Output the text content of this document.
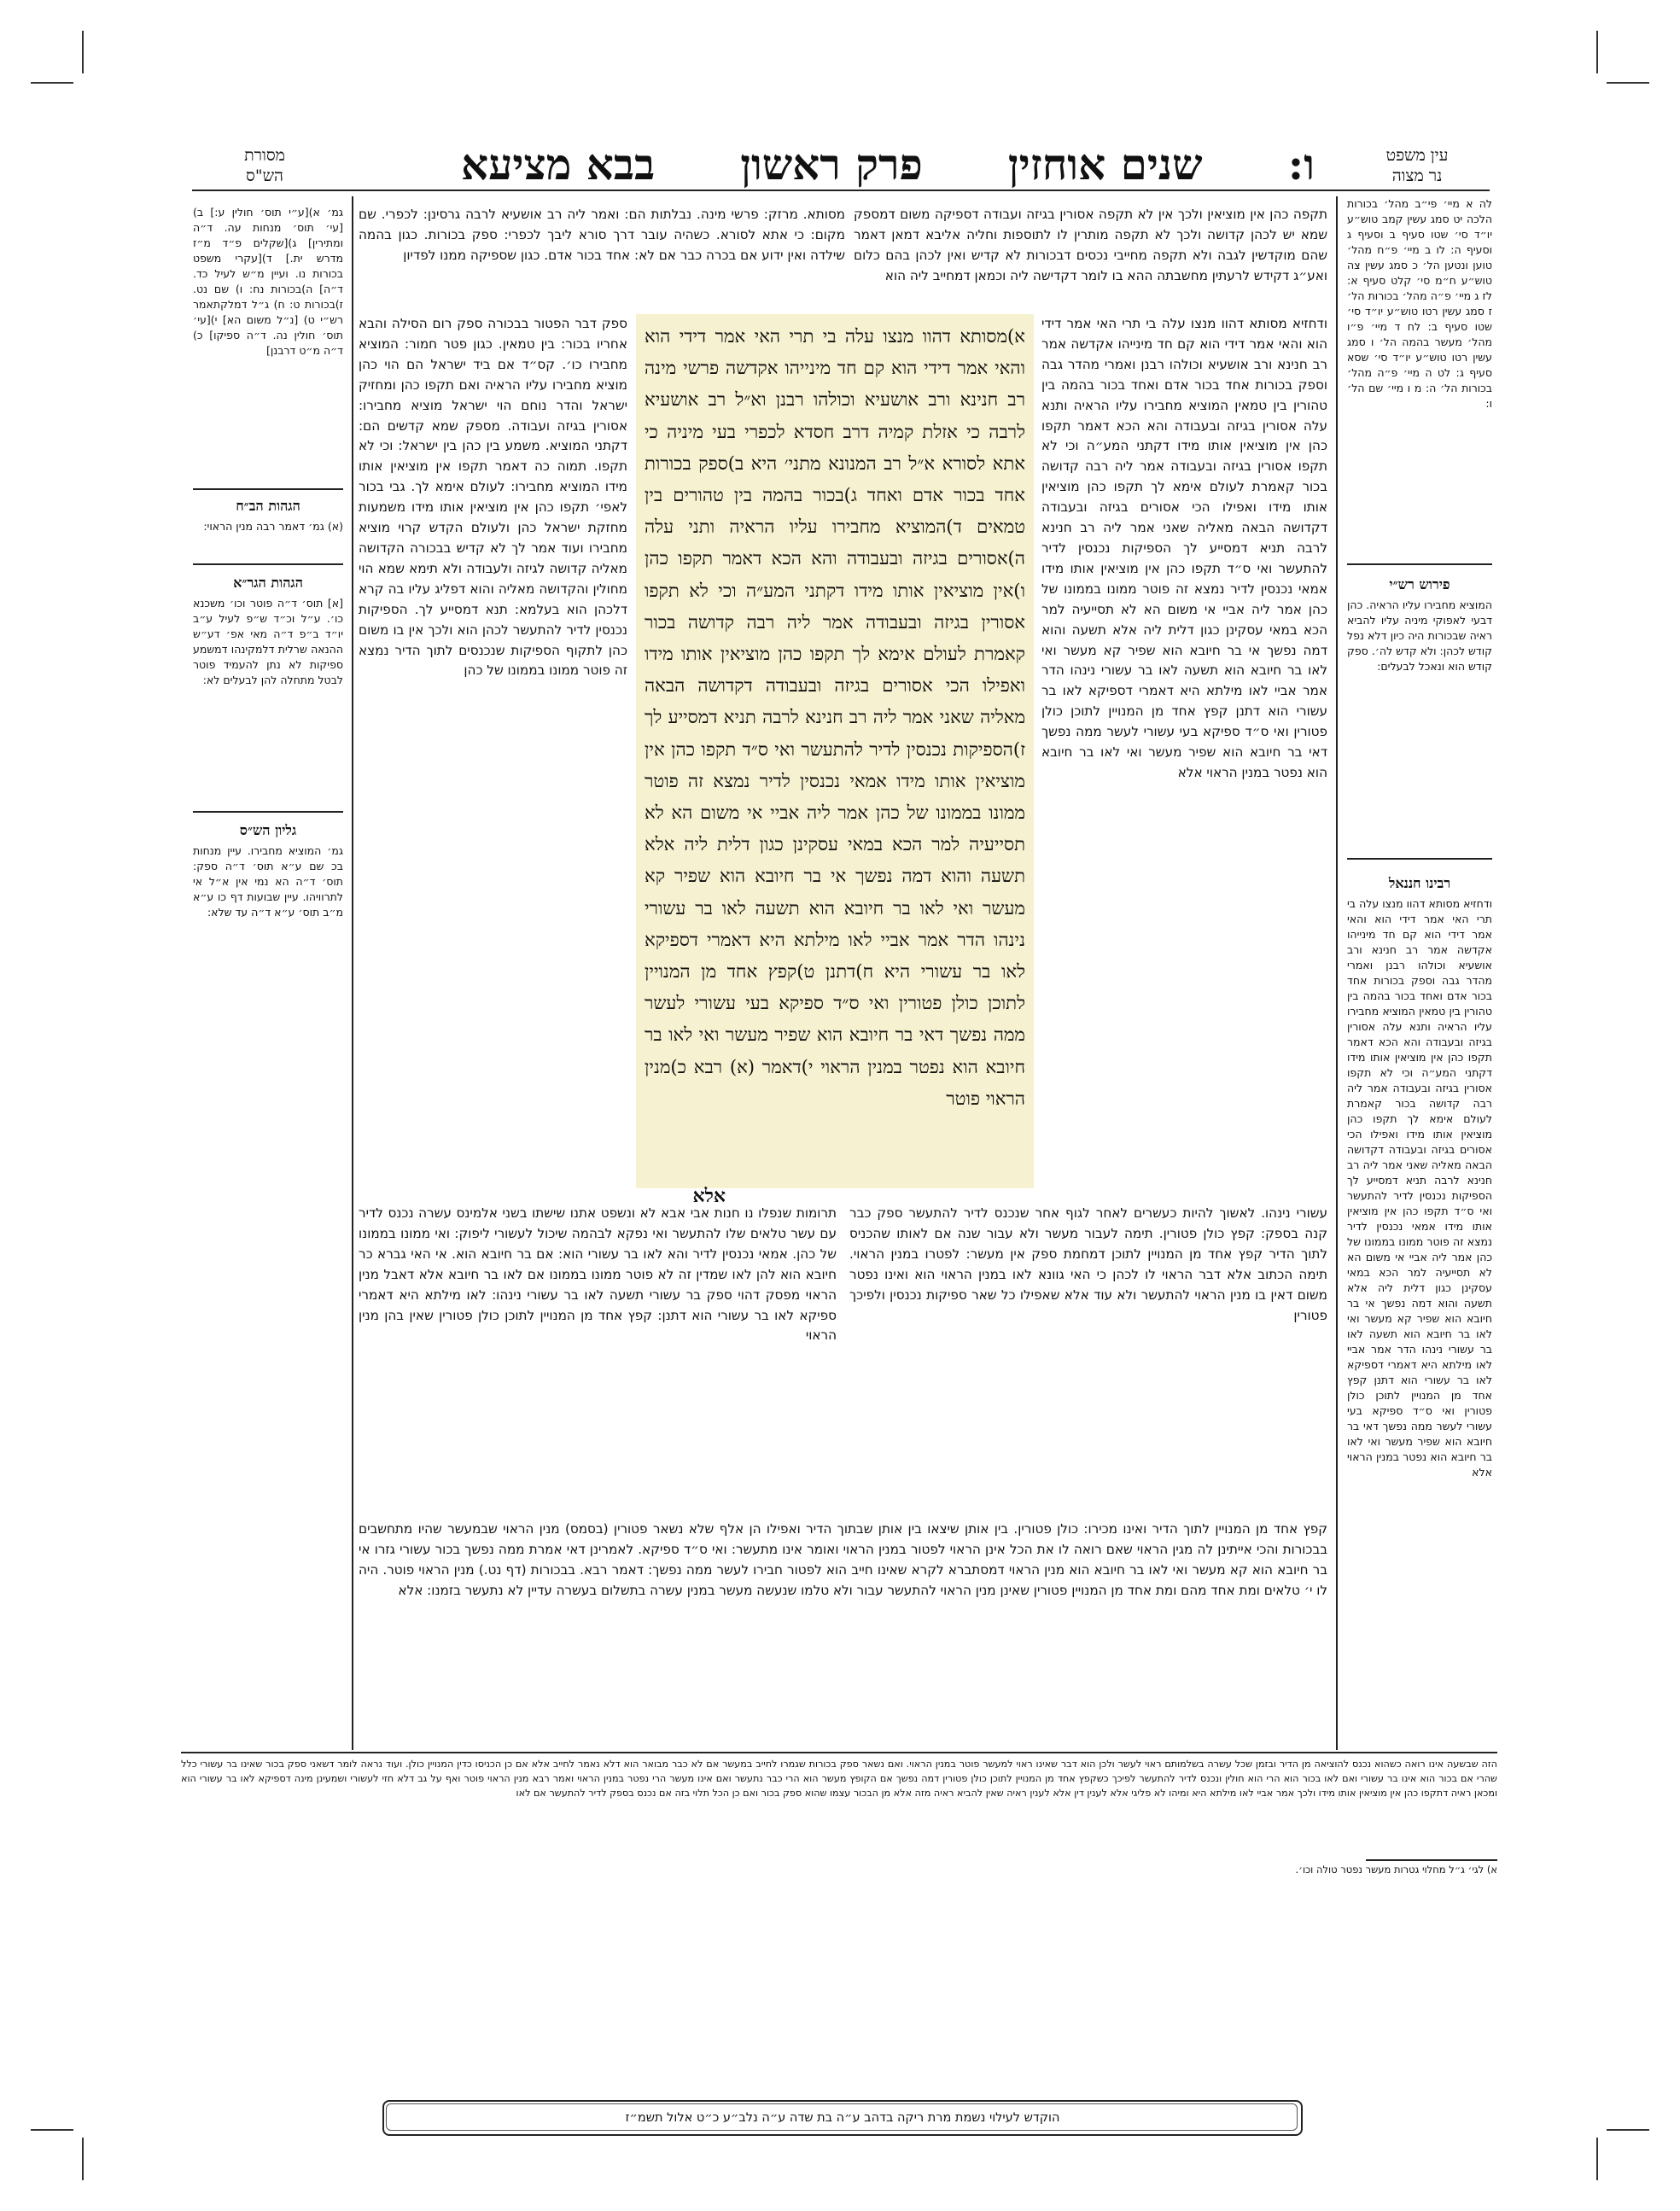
ו:
שנים אוחזין
פרק ראשון
בבא מציעא	עין משפט
נר מצוה
מסורת
הש"ס

לה א מיי׳ פי״ב מהל׳ בכורות הלכה יט סמג עשין קמב טוש״ע יו״ד סי׳ שטו סעיף ב וסעיף ג וסעיף ה: לו ב מיי׳ פ״ח מהל׳ טוען ונטען הל׳ כ סמג עשין צה טוש״ע ח״מ סי׳ קלט סעיף א: לז ג מיי׳ פ״ה מהל׳ בכורות הל׳ ז סמג עשין רטו טוש״ע יו״ד סי׳ שטו סעיף ב: לח ד מיי׳ פ״ו מהל׳ מעשר בהמה הל׳ ו סמג עשין רטו טוש״ע יו״ד סי׳ שסא סעיף ג: לט ה מיי׳ פ״ה מהל׳ בכורות הל׳ ה: מ ו מיי׳ שם הל׳ ו:

פירוש רש״י

המוציא מחבירו עליו הראיה. כהן דבעי לאפוקי מיניה עליו להביא ראיה שבכורות היה כיון דלא נפל קודש לכהן: ולא קדש לה׳. ספק קודש הוא ונאכל לבעלים:

רבינו חננאל

ודחזיא מסותא דהוו מנצו עלה בי תרי האי אמר דידי הוא והאי אמר דידי הוא קם חד מינייהו אקדשה אמר רב חנינא ורב אושעיא וכולהו רבנן ואמרי מהדר גבה וספק בכורות אחד בכור אדם ואחד בכור בהמה בין טהורין בין טמאין המוציא מחבירו עליו הראיה ותנא עלה אסורין בגיזה ובעבודה והא הכא דאמר תקפו כהן אין מוציאין אותו מידו דקתני המע״ה וכי לא תקפו אסורין בגיזה ובעבודה אמר ליה רבה קדושה בכור קאמרת לעולם אימא לך תקפו כהן מוציאין אותו מידו ואפילו הכי אסורים בגיזה ובעבודה דקדושה הבאה מאליה שאני אמר ליה רב חנינא לרבה תניא דמסייע לך הספיקות נכנסין לדיר להתעשר ואי ס״ד תקפו כהן אין מוציאין אותו מידו אמאי נכנסין לדיר נמצא זה פוטר ממונו בממונו של כהן אמר ליה אביי אי משום הא לא תסייעיה למר הכא במאי עסקינן כגון דלית ליה אלא תשעה והוא דמה נפשך אי בר חיובא הוא שפיר קא מעשר ואי לאו בר חיובא הוא תשעה לאו בר עשורי נינהו הדר אמר אביי לאו מילתא היא דאמרי דספיקא לאו בר עשורי הוא דתנן קפץ אחד מן המנויין לתוכן כולן פטורין ואי ס״ד ספיקא בעי עשורי לעשר ממה נפשך דאי בר חיובא הוא שפיר מעשר ואי לאו בר חיובא הוא נפטר במנין הראוי אלא

גמ׳ א)[ע״י תוס׳ חולין ע:] ב) [עי׳ תוס׳ מנחות עה. ד״ה ומתירין] ג)[שקלים פ״ד מ״ז מדרש ית.] ד)[עקרי משפט בכורות נו. ועיין מ״ש לעיל כד. ד״ה] ה)בכורות נח: ו) שם נט. ז)בכורות ט: ח) ג״ל דמלקתאמר רש״י ט) [נ״ל משום הא] י)[עי׳ תוס׳ חולין נה. ד״ה ספיקו] כ) ד״ה מ״ט דרבנן]

הגהות הב״ח

(א) גמ׳ דאמר רבה מנין הראוי:

הגהות הגר״א

[א] תוס׳ ד״ה פוטר וכו׳ משכנא כו׳. ע״ל וכ״ד ש״פ לעיל ע״ב יו״ד ב״פ ד״ה מאי אפ׳ דע״ש ההנאה שרלית דלמקינהו דמשמע ספיקות לא נתן להעמיד פוטר לבטל מתחלה להן לבעלים לא:

גליון הש״ס

גמ׳ המוציא מחבירו. עיין מנחות בכ שם ע״א תוס׳ ד״ה ספק: תוס׳ ד״ה הא נמי אין א״ל אי לתרוויהו. עיין שבועות דף כו ע״א מ״ב תוס׳ ע״א ד״ה עד שלא:

מסותא. מרזק: פרשי מינה. נבלתות הם: ואמר ליה רב אושעיא לרבה גרסינן: לכפרי. שם מקום: כי אתא לסורא. כשהיה עובר דרך סורא ליבך לכפרי: ספק בכורות. כגון בהמה שילדה ואין ידוע אם בכרה כבר אם לא: אחד בכור אדם. כגון שספיקה ממנו לפדיון

תקפה כהן אין מוציאין ולכך אין לא תקפה אסורין בגיזה ועבודה דספיקה משום דמספק שמא יש לכהן קדושה ולכך לא תקפה מותרין לו לתוספות וחליה אליבא דמאן דאמר שהם מוקדשין לגבה ולא תקפה מחייבי נכסים דבכורות לא קדיש ואין לכהן בהם כלום ואע״ג דקידש לרעתין מחשבתה ההא בו לומר דקדישה ליה וכמאן דמחייב ליה הוא

ספק דבר הפטור בבכורה ספק רום הסילה והבא אחריו בכור: בין טמאין. כגון פטר חמור: המוציא מחבירו כו׳. קס״ד אם ביד ישראל הם הוי כהן מוציא מחבירו עליו הראיה ואם תקפו כהן ומחזיק ישראל והדר נוחם הוי ישראל מוציא מחבירו: אסורין בגיזה ועבודה. מספק שמא קדשים הם: דקתני המוציא. משמע בין כהן בין ישראל: וכי לא תקפו. תמוה כה דאמר תקפו אין מוציאין אותו מידו המוציא מחבירו: לעולם אימא לך. גבי בכור לאפי׳ תקפו כהן אין מוציאין אותו מידו משמעות מחזקת ישראל כהן ולעולם הקדש קרוי מוציא מחבירו ועוד אמר לך לא קדיש בבכורה הקדושה מאליה קדושה לגיזה ולעבודה ולא תימא שמא הוי מחולין והקדושה מאליה והוא דפליג עליו בה קרא דלכהן הוא בעלמא: תנא דמסייע לך. הספיקות נכנסין לדיר להתעשר לכהן הוא ולכך אין בו משום כהן לתקוף הספיקות שנכנסים לתוך הדיר נמצא זה פוטר ממונו בממונו של כהן

ודחזיא מסותא דהוו מנצו עלה בי תרי האי אמר דידי הוא והאי אמר דידי הוא קם חד מינייהו אקדשה אמר רב חנינא ורב אושעיא וכולהו רבנן ואמרי מהדר גבה וספק בכורות אחד בכור אדם ואחד בכור בהמה בין טהורין בין טמאין המוציא מחבירו עליו הראיה ותנא עלה אסורין בגיזה ובעבודה והא הכא דאמר תקפו כהן אין מוציאין אותו מידו דקתני המע״ה וכי לא תקפו אסורין בגיזה ובעבודה אמר ליה רבה קדושה בכור קאמרת לעולם אימא לך תקפו כהן מוציאין אותו מידו ואפילו הכי אסורים בגיזה ובעבודה דקדושה הבאה מאליה שאני אמר ליה רב חנינא לרבה תניא דמסייע לך הספיקות נכנסין לדיר להתעשר ואי ס״ד תקפו כהן אין מוציאין אותו מידו אמאי נכנסין לדיר נמצא זה פוטר ממונו בממונו של כהן אמר ליה אביי אי משום הא לא תסייעיה למר הכא במאי עסקינן כגון דלית ליה אלא תשעה והוא דמה נפשך אי בר חיובא הוא שפיר קא מעשר ואי לאו בר חיובא הוא תשעה לאו בר עשורי נינהו הדר אמר אביי לאו מילתא היא דאמרי דספיקא לאו בר עשורי הוא דתנן קפץ אחד מן המנויין לתוכן כולן פטורין ואי ס״ד ספיקא בעי עשורי לעשר ממה נפשך דאי בר חיובא הוא שפיר מעשר ואי לאו בר חיובא הוא נפטר במנין הראוי אלא

א)מסותא דהוו מנצו עלה בי תרי האי אמר דידי הוא והאי אמר דידי הוא קם חד מינייהו אקדשה פרשי מינה רב חנינא ורב אושעיא וכולהו רבנן וא״ל רב אושעיא לרבה כי אזלת קמיה דרב חסדא לכפרי בעי מיניה כי אתא לסורא א״ל רב המנונא מתני׳ היא ב)ספק בכורות אחד בכור אדם ואחד ג)בכור בהמה בין טהורים בין טמאים ד)המוציא מחבירו עליו הראיה ותני עלה ה)אסורים בגיזה ובעבודה והא הכא דאמר תקפו כהן ו)אין מוציאין אותו מידו דקתני המע״ה וכי לא תקפו אסורין בגיזה ובעבודה אמר ליה רבה קדושה בכור קאמרת לעולם אימא לך תקפו כהן מוציאין אותו מידו ואפילו הכי אסורים בגיזה ובעבודה דקדושה הבאה מאליה שאני אמר ליה רב חנינא לרבה תניא דמסייע לך ז)הספיקות נכנסין לדיר להתעשר ואי ס״ד תקפו כהן אין מוציאין אותו מידו אמאי נכנסין לדיר נמצא זה פוטר ממונו בממונו של כהן אמר ליה אביי אי משום הא לא תסייעיה למר הכא במאי עסקינן כגון דלית ליה אלא תשעה והוא דמה נפשך אי בר חיובא הוא שפיר קא מעשר ואי לאו בר חיובא הוא תשעה לאו בר עשורי נינהו הדר אמר אביי לאו מילתא היא דאמרי דספיקא לאו בר עשורי היא ח)דתנן ט)קפץ אחד מן המנויין לתוכן כולן פטורין ואי ס״ד ספיקא בעי עשורי לעשר ממה נפשך דאי בר חיובא הוא שפיר מעשר ואי לאו בר חיובא הוא נפטר במנין הראוי י)דאמר (א) רבא כ)מנין הראוי פוטר

אלא

תרומות שנפלו נו חנות אבי אבא לא ונשפט אתנו שישתו בשני אלמינס עשרה נכנס לדיר עם עשר טלאים שלו להתעשר ואי נפקא לבהמה שיכול לעשורי ליפוק: ואי ממונו בממונו של כהן. אמאי נכנסין לדיר והא לאו בר עשורי הוא: אם בר חיובא הוא. אי האי גברא כר חיובא הוא להן לאו שמדין זה לא פוטר ממונו בממונו אם לאו בר חיובא אלא דאבל מנין הראוי מפסק דהוי ספק בר עשורי תשעה לאו בר עשורי נינהו: לאו מילתא היא דאמרי ספיקא לאו בר עשורי הוא דתנן: קפץ אחד מן המנויין לתוכן כולן פטורין שאין בהן מנין הראוי

עשורי נינהו. לאשוך להיות כעשרים לאחר לגוף אחר שנכנס לדיר להתעשר ספק כבר קנה בספק: קפץ כולן פטורין. תימה לעבור מעשר ולא עבור שנה אם לאותו שהכניס לתוך הדיר קפץ אחד מן המנויין לתוכן דמחמת ספק אין מעשר: לפטרו במנין הראוי. תימה הכתוב אלא דבר הראוי לו לכהן כי האי גוונא לאו במנין הראוי הוא ואינו נפטר משום דאין בו מנין הראוי להתעשר ולא עוד אלא שאפילו כל שאר ספיקות נכנסין ולפיכך פטורין

קפץ אחד מן המנויין לתוך הדיר ואינו מכירו: כולן פטורין. בין אותן שיצאו בין אותן שבתוך הדיר ואפילו הן אלף שלא נשאר פטורין (בסמס) מנין הראוי שבמעשר שהיו מתחשבים בבכורות והכי אייתינן לה מגין הראוי שאם רואה לו את הכל אינן הראוי לפטור במנין הראוי ואומר אינו מתעשר: ואי ס״ד ספיקא. לאמרינן דאי אמרת ממה נפשך בכור עשורי גזרו אי בר חיובא הוא קא מעשר ואי לאו בר חיובא הוא מנין הראוי דמסתברא לקרא שאינו חייב הוא לפטור חבירו לעשר ממה נפשך: דאמר רבא. בבכורות (דף נט.) מנין הראוי פוטר. היה לו י׳ טלאים ומת אחד מהם ומת אחד מן המנויין פטורין שאינן מנין הראוי להתעשר עבור ולא טלמו שנעשה מעשר במנין עשרה בתשלום בעשרה עדיין לא נתעשר בזמנו: אלא

הזה שבשעה אינו רואה כשהוא נכנס להוציאה מן הדיר ובזמן שכל עשרה בשלמותם ראוי לעשר ולכן הוא דבר שאינו ראוי למעשר פוטר במנין הראוי. ואם נשאר ספק בכורות שגמרו לחייב במעשר אם לא כבר מבואר הוא דלא נאמר לחייב אלא אם כן הכניסו כדין המנויין כולן. ועוד נראה לומר דשאני ספק בכור שאינו בר עשורי כלל שהרי אם בכור הוא אינו בר עשורי ואם לאו בכור הוא הרי הוא חולין ונכנס לדיר להתעשר לפיכך כשקפץ אחד מן המנויין לתוכן כולן פטורין דמה נפשך אם הקופץ מעשר הוא הרי כבר נתעשר ואם אינו מעשר הרי נפטר במנין הראוי ואמר רבא מנין הראוי פוטר ואף על גב דלא חזי לעשורי ושמעינן מינה דספיקא לאו בר עשורי הוא ומכאן ראיה דתקפו כהן אין מוציאין אותו מידו ולכך אמר אביי לאו מילתא היא ומיהו לא פליגי אלא לענין דין אלא לענין ראיה שאין להביא ראיה מזה אלא מן הבכור עצמו שהוא ספק בכור ואם כן הכל תלוי בזה אם נכנס בספק לדיר להתעשר אם לאו
א) לגי׳ ג״ל מחלוי גטרות מעשר נפטר טולה וכו׳.
הוקדש לעילוי נשמת מרת ריקה בדהב ע״ה בת שדה ע״ה נלב״ע כ״ט אלול תשמ״ז
